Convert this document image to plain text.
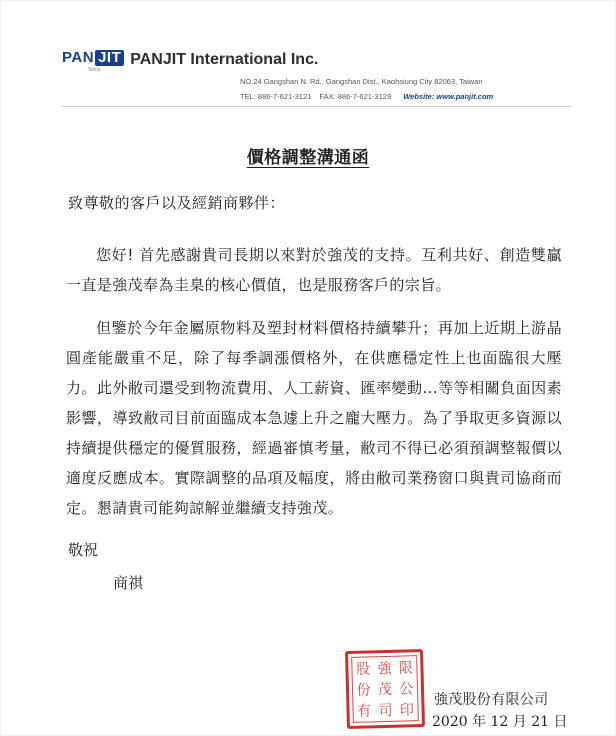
PAN JIT
Since
PANJIT International Inc.
NO.24 Gangshan N. Rd., Gangshan Dist., Kaohsiung City 82063, Taiwan
TEL: 886-7-621-3121 FAX: 886-7-621-3129 Website: www.panjit.com
價格調整溝通函
致尊敬的客戶以及經銷商夥伴：

您好! 首先感謝貴司長期以來對於強茂的支持。互利共好、創造雙贏一直是強茂奉為圭臬的核心價值，也是服務客戶的宗旨。

但鑒於今年金屬原物料及塑封材料價格持續攀升；再加上近期上游晶圓產能嚴重不足，除了每季調漲價格外，在供應穩定性上也面臨很大壓力。此外敝司還受到物流費用、人工薪資、匯率變動...等等相關負面因素影響，導致敝司目前面臨成本急遽上升之龐大壓力。為了爭取更多資源以持續提供穩定的優質服務，經過審慎考量，敝司不得已必須預調整報價以適度反應成本。實際調整的品項及幅度，將由敝司業務窗口與貴司協商而定。懇請貴司能夠諒解並繼續支持強茂。

敬祝
商祺
股 強 限
份 茂 公
有 司 印
強茂股份有限公司
2020 年 12 月 21 日
